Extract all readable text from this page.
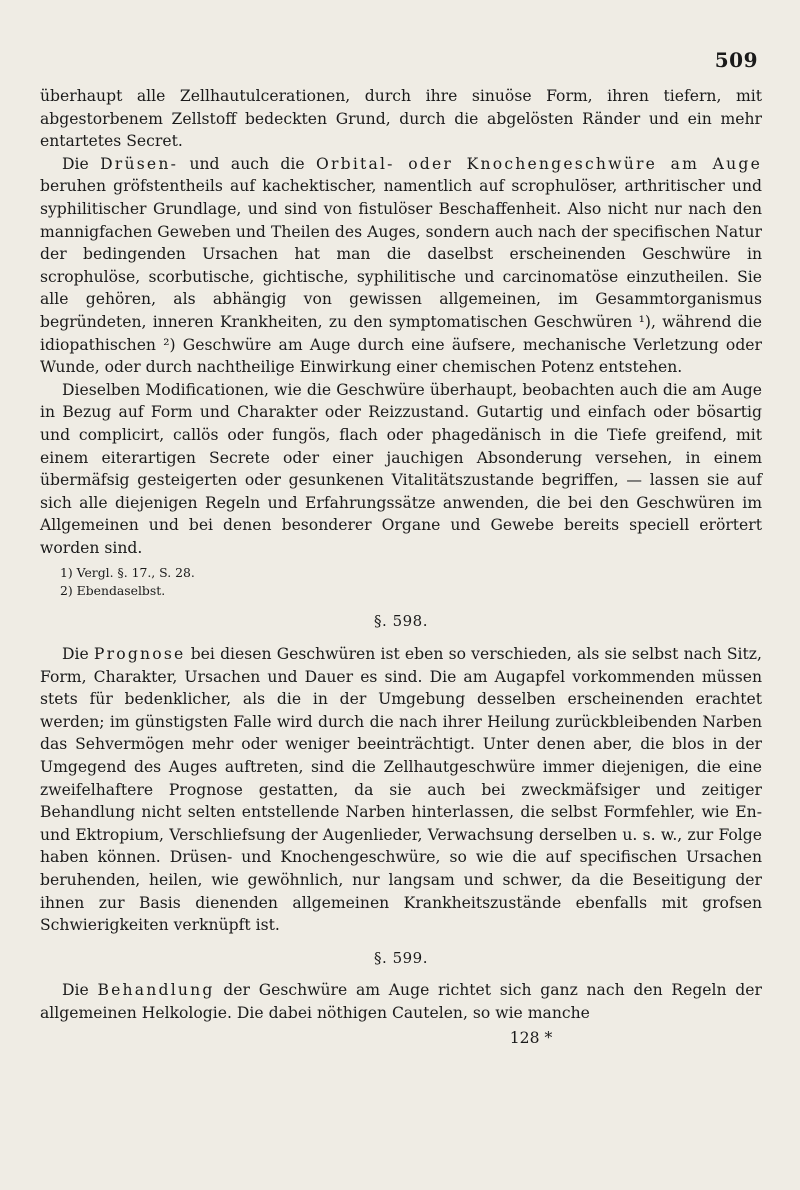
509

überhaupt alle Zellhautulcerationen, durch ihre sinuöse Form, ihren tiefern, mit abgestorbenem Zellstoff bedeckten Grund, durch die abgelösten Ränder und ein mehr entartetes Secret.

Die Drüsen- und auch die Orbital- oder Knochengeschwüre am Auge beruhen gröfstentheils auf kachektischer, namentlich auf scrophulöser, arthritischer und syphilitischer Grundlage, und sind von fistulöser Beschaffenheit. Also nicht nur nach den mannigfachen Geweben und Theilen des Auges, sondern auch nach der specifischen Natur der bedingenden Ursachen hat man die daselbst erscheinenden Geschwüre in scrophulöse, scorbutische, gichtische, syphilitische und carcinomatöse einzutheilen. Sie alle gehören, als abhängig von gewissen allgemeinen, im Gesammtorganismus begründeten, inneren Krankheiten, zu den symptomatischen Geschwüren ¹), während die idiopathischen ²) Geschwüre am Auge durch eine äufsere, mechanische Verletzung oder Wunde, oder durch nachtheilige Einwirkung einer chemischen Potenz entstehen.

Dieselben Modificationen, wie die Geschwüre überhaupt, beobachten auch die am Auge in Bezug auf Form und Charakter oder Reizzustand. Gutartig und einfach oder bösartig und complicirt, callös oder fungös, flach oder phagedänisch in die Tiefe greifend, mit einem eiterartigen Secrete oder einer jauchigen Absonderung versehen, in einem übermäfsig gesteigerten oder gesunkenen Vitalitätszustande begriffen, — lassen sie auf sich alle diejenigen Regeln und Erfahrungssätze anwenden, die bei den Geschwüren im Allgemeinen und bei denen besonderer Organe und Gewebe bereits speciell erörtert worden sind.

1) Vergl. §. 17., S. 28.
2) Ebendaselbst.
§. 598.

Die Prognose bei diesen Geschwüren ist eben so verschieden, als sie selbst nach Sitz, Form, Charakter, Ursachen und Dauer es sind. Die am Augapfel vorkommenden müssen stets für bedenklicher, als die in der Umgebung desselben erscheinenden erachtet werden; im günstigsten Falle wird durch die nach ihrer Heilung zurückbleibenden Narben das Sehvermögen mehr oder weniger beeinträchtigt. Unter denen aber, die blos in der Umgegend des Auges auftreten, sind die Zellhautgeschwüre immer diejenigen, die eine zweifelhaftere Prognose gestatten, da sie auch bei zweckmäfsiger und zeitiger Behandlung nicht selten entstellende Narben hinterlassen, die selbst Formfehler, wie En- und Ektropium, Verschliefsung der Augenlieder, Verwachsung derselben u. s. w., zur Folge haben können. Drüsen- und Knochengeschwüre, so wie die auf specifischen Ursachen beruhenden, heilen, wie gewöhnlich, nur langsam und schwer, da die Beseitigung der ihnen zur Basis dienenden allgemeinen Krankheitszustände ebenfalls mit grofsen Schwierigkeiten verknüpft ist.

§. 599.

Die Behandlung der Geschwüre am Auge richtet sich ganz nach den Regeln der allgemeinen Helkologie. Die dabei nöthigen Cautelen, so wie manche

128 *
